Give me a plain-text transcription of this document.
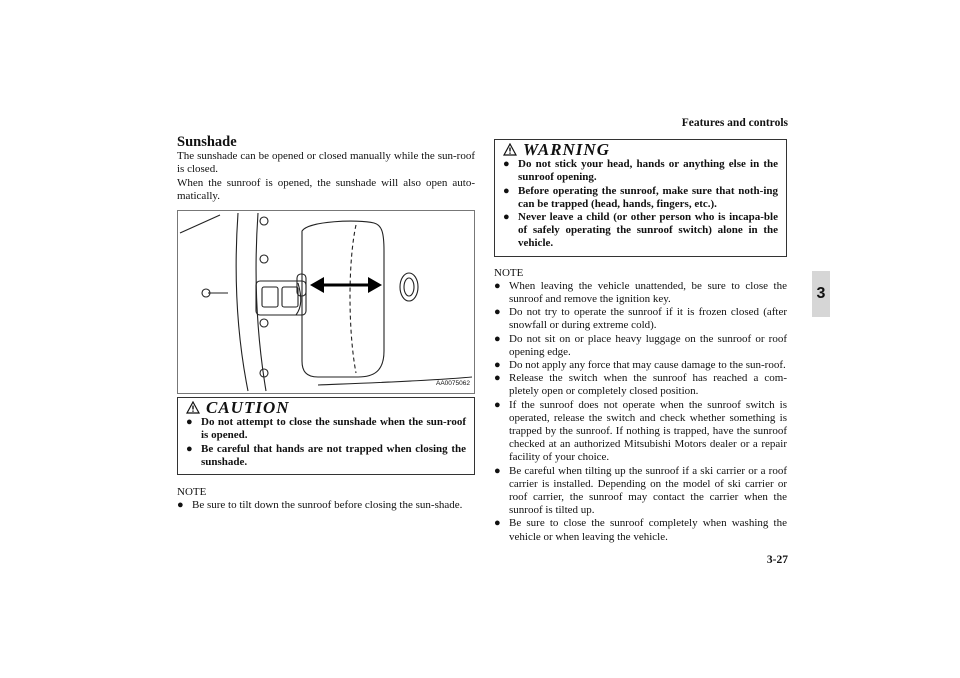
Features and controls
3
3-27
Sunshade

The sunshade can be opened or closed manually while the sun-roof is closed.

When the sunroof is opened, the sunshade will also open auto-matically.

AA0075062
CAUTION
● Do not attempt to close the sunshade when the sun-roof is opened.
● Be careful that hands are not trapped when closing the sunshade.
NOTE
● Be sure to tilt down the sunroof before closing the sun-shade.
WARNING
● Do not stick your head, hands or anything else in the sunroof opening.
● Before operating the sunroof, make sure that noth-ing can be trapped (head, hands, fingers, etc.).
● Never leave a child (or other person who is incapa-ble of safely operating the sunroof switch) alone in the vehicle.
NOTE
● When leaving the vehicle unattended, be sure to close the sunroof and remove the ignition key.
● Do not try to operate the sunroof if it is frozen closed (after snowfall or during extreme cold).
● Do not sit on or place heavy luggage on the sunroof or roof opening edge.
● Do not apply any force that may cause damage to the sun-roof.
● Release the switch when the sunroof has reached a com-pletely open or completely closed position.
● If the sunroof does not operate when the sunroof switch is operated, release the switch and check whether something is trapped by the sunroof. If nothing is trapped, have the sunroof checked at an authorized Mitsubishi Motors dealer or a repair facility of your choice.
● Be careful when tilting up the sunroof if a ski carrier or a roof carrier is installed. Depending on the model of ski carrier or roof carrier, the sunroof may contact the carrier when the sunroof is tilted up.
● Be sure to close the sunroof completely when washing the vehicle or when leaving the vehicle.
